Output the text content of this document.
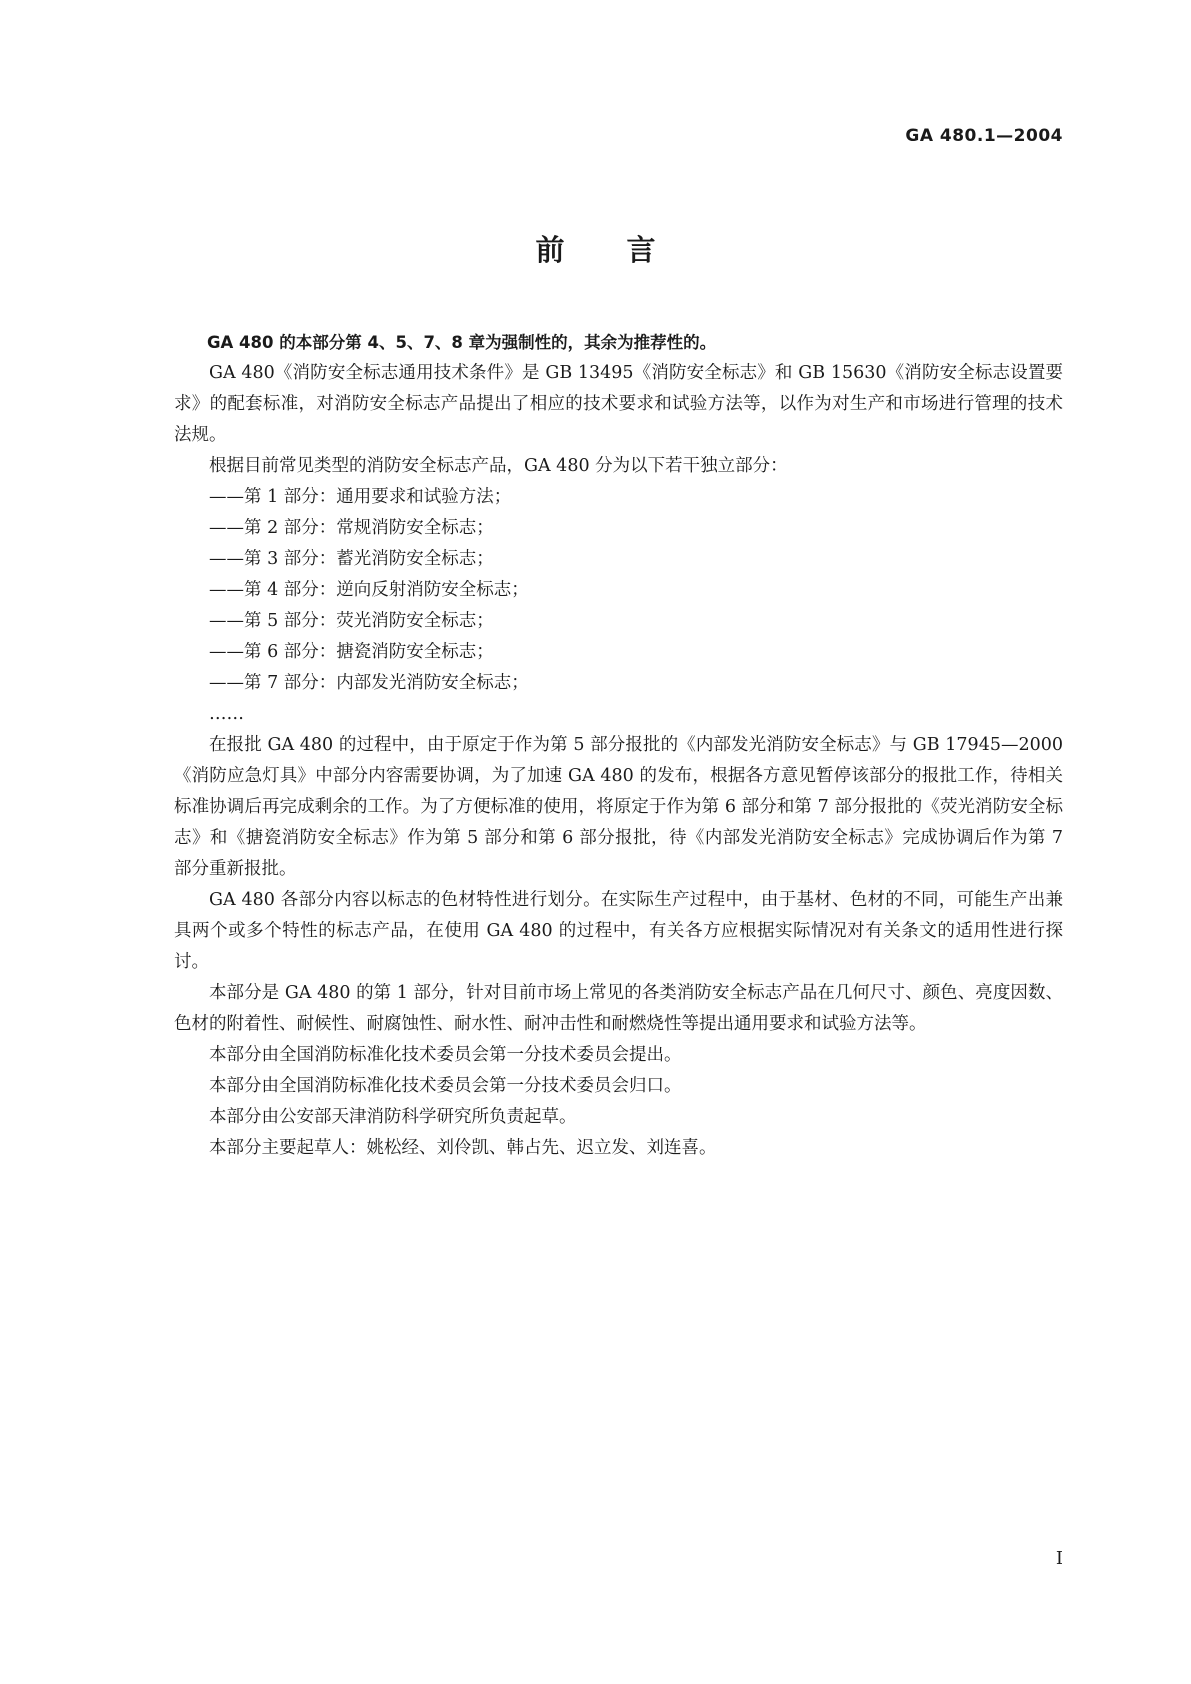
GA 480.1—2004
前言

GA 480 的本部分第 4、5、7、8 章为强制性的，其余为推荐性的。

GA 480《消防安全标志通用技术条件》是 GB 13495《消防安全标志》和 GB 15630《消防安全标志设置要求》的配套标准，对消防安全标志产品提出了相应的技术要求和试验方法等，以作为对生产和市场进行管理的技术法规。

根据目前常见类型的消防安全标志产品，GA 480 分为以下若干独立部分：

——第 1 部分：通用要求和试验方法；

——第 2 部分：常规消防安全标志；

——第 3 部分：蓄光消防安全标志；

——第 4 部分：逆向反射消防安全标志；

——第 5 部分：荧光消防安全标志；

——第 6 部分：搪瓷消防安全标志；

——第 7 部分：内部发光消防安全标志；

……

在报批 GA 480 的过程中，由于原定于作为第 5 部分报批的《内部发光消防安全标志》与 GB 17945—2000《消防应急灯具》中部分内容需要协调，为了加速 GA 480 的发布，根据各方意见暂停该部分的报批工作，待相关标准协调后再完成剩余的工作。为了方便标准的使用，将原定于作为第 6 部分和第 7 部分报批的《荧光消防安全标志》和《搪瓷消防安全标志》作为第 5 部分和第 6 部分报批，待《内部发光消防安全标志》完成协调后作为第 7 部分重新报批。

GA 480 各部分内容以标志的色材特性进行划分。在实际生产过程中，由于基材、色材的不同，可能生产出兼具两个或多个特性的标志产品，在使用 GA 480 的过程中，有关各方应根据实际情况对有关条文的适用性进行探讨。

本部分是 GA 480 的第 1 部分，针对目前市场上常见的各类消防安全标志产品在几何尺寸、颜色、亮度因数、色材的附着性、耐候性、耐腐蚀性、耐水性、耐冲击性和耐燃烧性等提出通用要求和试验方法等。

本部分由全国消防标准化技术委员会第一分技术委员会提出。

本部分由全国消防标准化技术委员会第一分技术委员会归口。

本部分由公安部天津消防科学研究所负责起草。

本部分主要起草人：姚松经、刘伶凯、韩占先、迟立发、刘连喜。

I
